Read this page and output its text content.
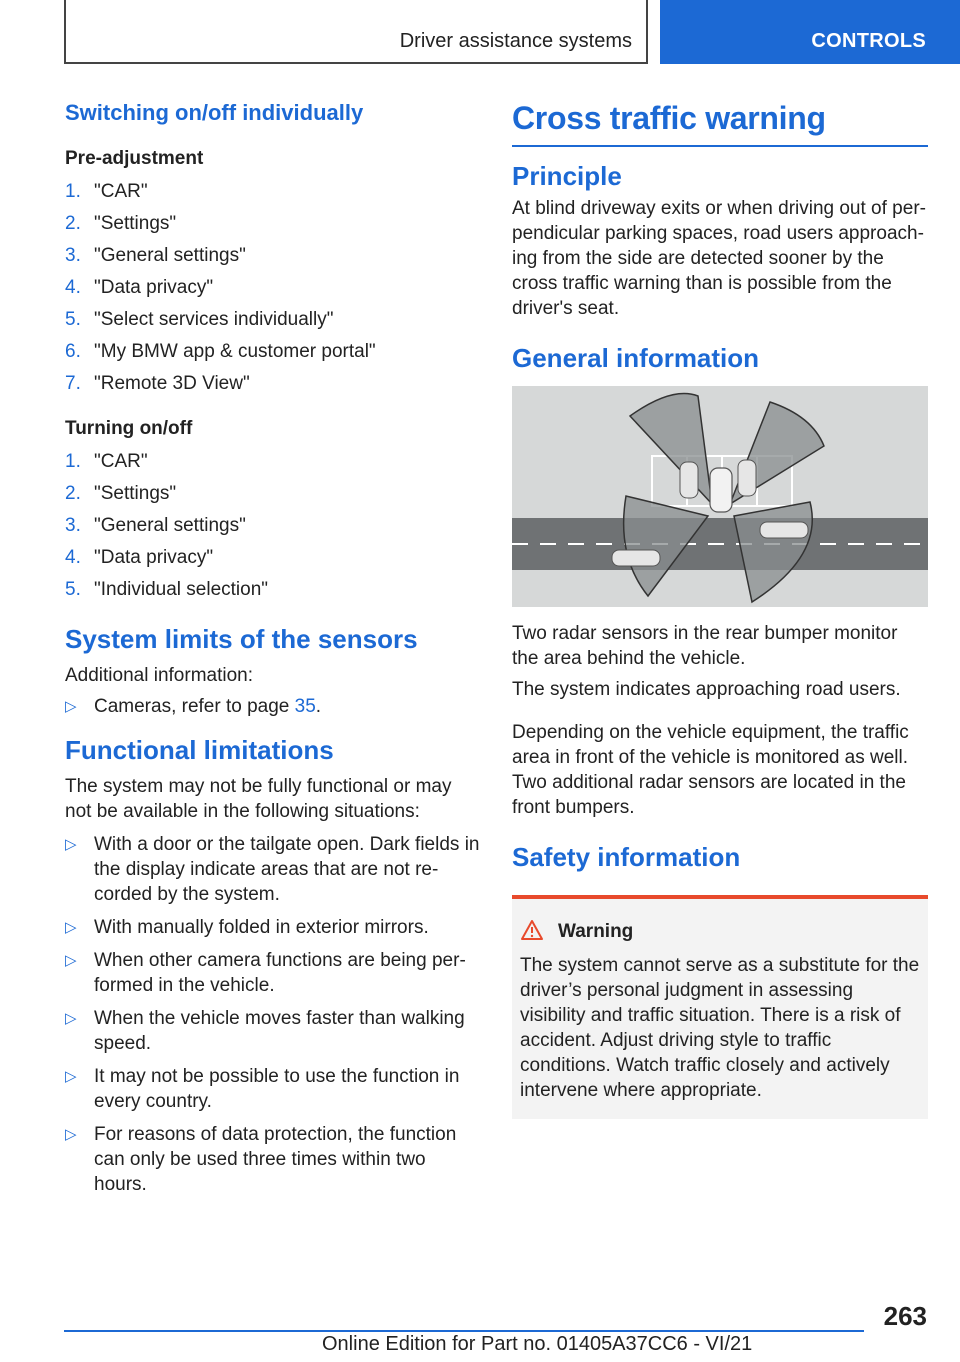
Driver assistance systems	CONTROLS
Switching on/off individually
Pre-adjustment
1. "CAR"
2. "Settings"
3. "General settings"
4. "Data privacy"
5. "Select services individually"
6. "My BMW app & customer portal"
7. "Remote 3D View"
Turning on/off
1. "CAR"
2. "Settings"
3. "General settings"
4. "Data privacy"
5. "Individual selection"
System limits of the sensors

Additional information:

▷ Cameras, refer to page 35.
Functional limitations

The system may not be fully functional or may not be available in the following situations:

▷ With a door or the tailgate open. Dark fields in the display indicate areas that are not recorded by the system.
▷ With manually folded in exterior mirrors.
▷ When other camera functions are being performed in the vehicle.
▷ When the vehicle moves faster than walking speed.
▷ It may not be possible to use the function in every country.
▷ For reasons of data protection, the function can only be used three times within two hours.
Cross traffic warning
Principle

At blind driveway exits or when driving out of perpendicular parking spaces, road users approaching from the side are detected sooner by the cross traffic warning than is possible from the driver's seat.

General information

Two radar sensors in the rear bumper monitor the area behind the vehicle.

The system indicates approaching road users.

Depending on the vehicle equipment, the traffic area in front of the vehicle is monitored as well. Two additional radar sensors are located in the front bumpers.

Safety information
Warning

The system cannot serve as a substitute for the driver’s personal judgment in assessing visibility and traffic situation. There is a risk of accident. Adjust driving style to traffic conditions. Watch traffic closely and actively intervene where appropriate.

263
Online Edition for Part no. 01405A37CC6 - VI/21
